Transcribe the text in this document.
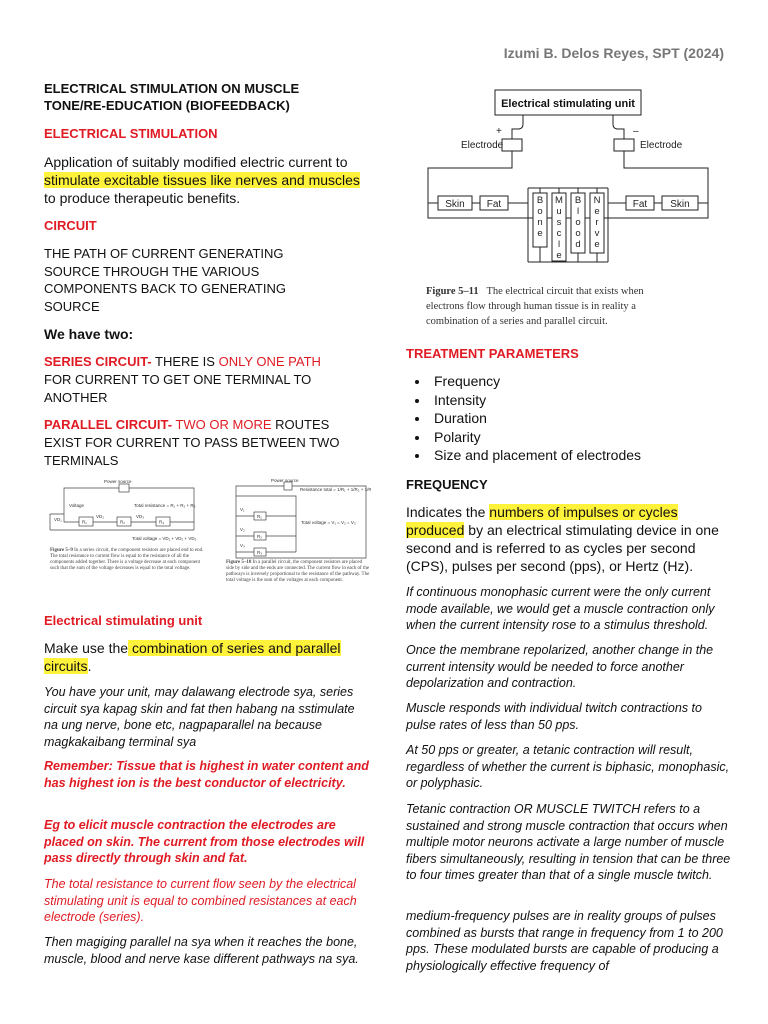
Izumi B. Delos Reyes, SPT (2024)
ELECTRICAL STIMULATION ON MUSCLE
TONE/RE-EDUCATION (BIOFEEDBACK)
ELECTRICAL STIMULATION
Application of suitably modified electric current to
stimulate excitable tissues like nerves and muscles
to produce therapeutic benefits.
CIRCUIT
THE PATH OF CURRENT GENERATING
SOURCE THROUGH THE VARIOUS
COMPONENTS BACK TO GENERATING
SOURCE
We have two:
SERIES CIRCUIT- THERE IS ONLY ONE PATH
FOR CURRENT TO GET ONE TERMINAL TO
ANOTHER
PARALLEL CIRCUIT- TWO OR MORE ROUTES
EXIST FOR CURRENT TO PASS BETWEEN TWO
TERMINALS
Power source
Voltage	Total resistance = R₁ + R₂ + R₃
R₁	R₂	R₃
VD₁
VD₂	VD₃
Total voltage = VD₁ + VD₂ + VD₃
Figure 5–9 In a series circuit, the component resistors are placed end to end. The total resistance to current flow is equal to the resistance of all the components added together. There is a voltage decrease at each component such that the sum of the voltage decreases is equal to the total voltage.
Power source
Resistance total = 1/R₁ + 1/R₂ + 1/R₃
V₁
V₂
V₃
R₁
R₂
R₃
Total voltage = V₁ = V₂ = V₃
Figure 5–10 In a parallel circuit, the component resistors are placed side by side and the ends are connected. The current flow in each of the pathways is inversely proportional to the resistance of the pathway. The total voltage is the sum of the voltages at each component.
Electrical stimulating unit
Make use the combination of series and parallel
circuits.
You have your unit, may dalawang electrode sya, series circuit sya kapag skin and fat then habang na sstimulate na ung nerve, bone etc, nagpaparallel na because magkakaibang terminal sya
Remember: Tissue that is highest in water content and has highest ion is the best conductor of electricity.
Eg to elicit muscle contraction the electrodes are placed on skin. The current from those electrodes will pass directly through skin and fat.
The total resistance to current flow seen by the electrical stimulating unit is equal to combined resistances at each electrode (series).
Then magiging parallel na sya when it reaches the bone, muscle, blood and nerve kase different pathways na sya.
Electrical stimulating unit
+	–
Electrode	Electrode
Skin Fat	Fat Skin
B
o
n
e
M
u
s
c
l
e
B
l
o
o
d
N
e
r
v
e
Figure 5–11 The electrical circuit that exists when
electrons flow through human tissue is in reality a
combination of a series and parallel circuit.
TREATMENT PARAMETERS
• Frequency
• Intensity
• Duration
• Polarity
• Size and placement of electrodes
FREQUENCY
Indicates the numbers of impulses or cycles
produced by an electrical stimulating device in one
second and is referred to as cycles per second
(CPS), pulses per second (pps), or Hertz (Hz).
If continuous monophasic current were the only current mode available, we would get a muscle contraction only when the current intensity rose to a stimulus threshold.
Once the membrane repolarized, another change in the current intensity would be needed to force another depolarization and contraction.
Muscle responds with individual twitch contractions to pulse rates of less than 50 pps.
At 50 pps or greater, a tetanic contraction will result, regardless of whether the current is biphasic, monophasic, or polyphasic.
Tetanic contraction OR MUSCLE TWITCH refers to a sustained and strong muscle contraction that occurs when multiple motor neurons activate a large number of muscle fibers simultaneously, resulting in tension that can be three to four times greater than that of a single muscle twitch.
medium-frequency pulses are in reality groups of pulses combined as bursts that range in frequency from 1 to 200 pps. These modulated bursts are capable of producing a physiologically effective frequency of
